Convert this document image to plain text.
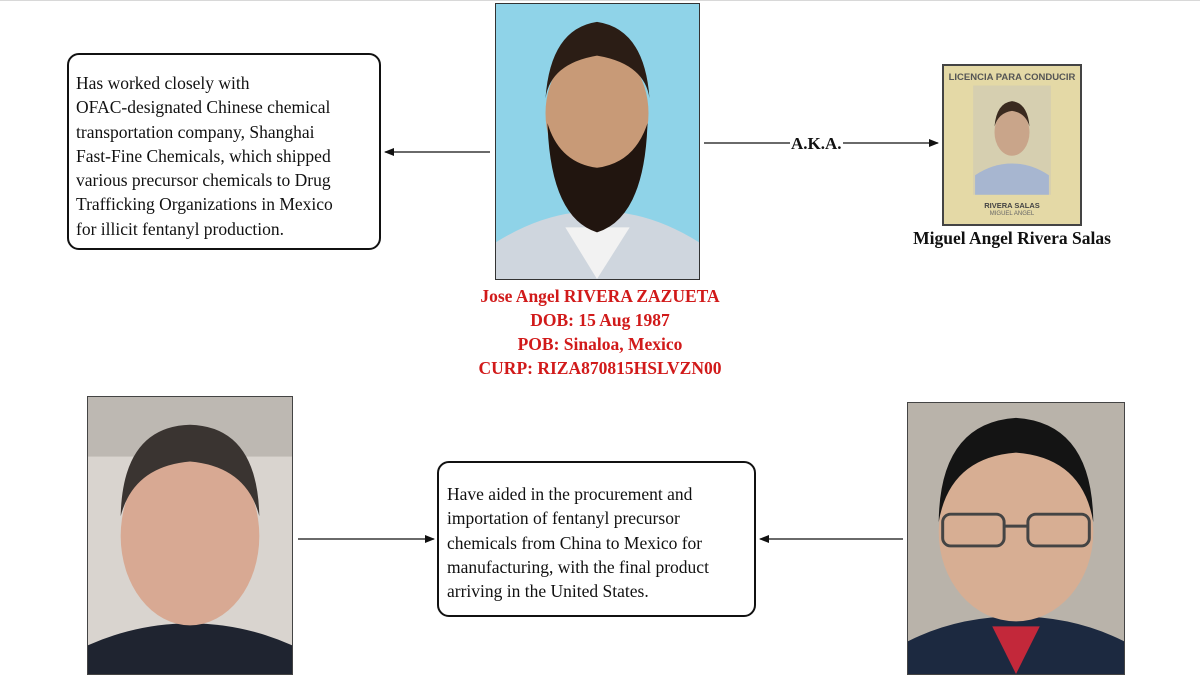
Has worked closely with
OFAC-designated Chinese chemical
transportation company, Shanghai
Fast-Fine Chemicals, which shipped
various precursor chemicals to Drug
Trafficking Organizations in Mexico
for illicit fentanyl production.
Jose Angel RIVERA ZAZUETA
DOB: 15 Aug 1987
POB: Sinaloa, Mexico
CURP: RIZA870815HSLVZN00
LICENCIA PARA CONDUCIR
RIVERA SALAS
MIGUEL ANGEL
Miguel Angel Rivera Salas
Have aided in the procurement and
importation of fentanyl precursor
chemicals from China to Mexico for
manufacturing, with the final product
arriving in the United States.
A.K.A.
